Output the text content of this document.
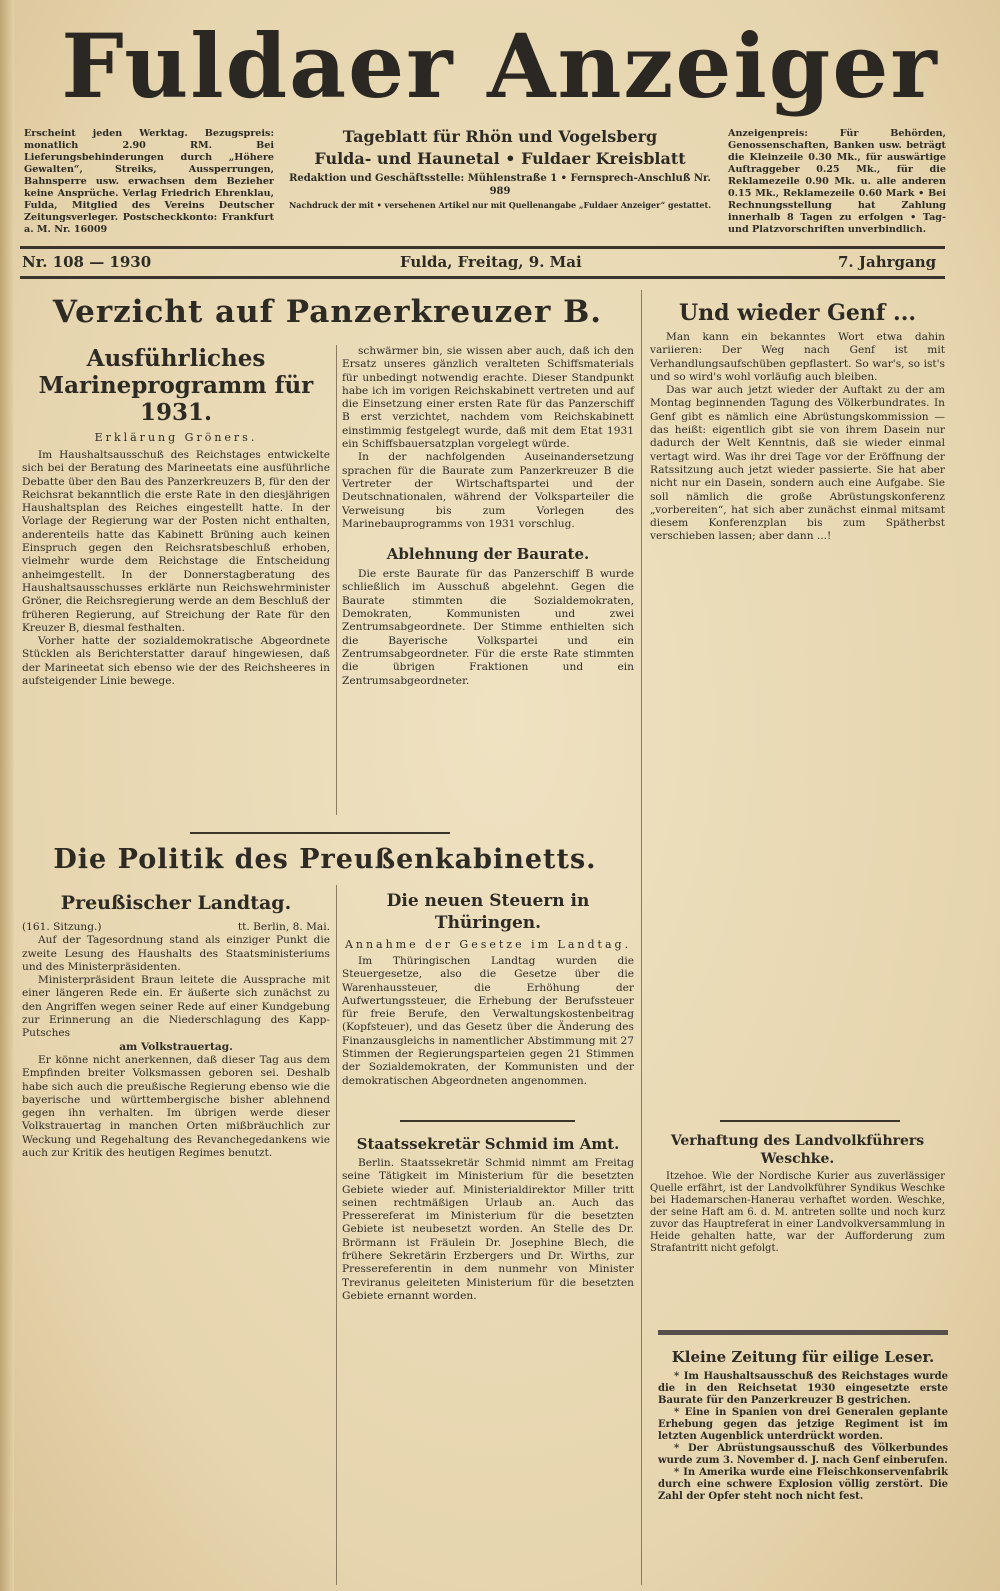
Fuldaer Anzeiger
Erscheint jeden Werktag. Bezugspreis: monatlich 2.90 RM. Bei Lieferungsbehinderungen durch „Höhere Gewalten“, Streiks, Aussperrungen, Bahnsperre usw. erwachsen dem Bezieher keine Ansprüche. Verlag Friedrich Ehrenklau, Fulda, Mitglied des Vereins Deutscher Zeitungsverleger. Postscheckkonto: Frankfurt a. M. Nr. 16009
Tageblatt für Rhön und Vogelsberg
Fulda- und Haunetal • Fuldaer Kreisblatt
Redaktion und Geschäftsstelle: Mühlenstraße 1 • Fernsprech-Anschluß Nr. 989
Nachdruck der mit • versehenen Artikel nur mit Quellenangabe „Fuldaer Anzeiger“ gestattet.
Anzeigenpreis: Für Behörden, Genossenschaften, Banken usw. beträgt die Kleinzeile 0.30 Mk., für auswärtige Auftraggeber 0.25 Mk., für die Reklamezeile 0.90 Mk. u. alle anderen 0.15 Mk., Reklamezeile 0.60 Mark • Bei Rechnungsstellung hat Zahlung innerhalb 8 Tagen zu erfolgen • Tag- und Platzvorschriften unverbindlich.
Nr. 108 — 1930	Fulda, Freitag, 9. Mai	7. Jahrgang
Verzicht auf Panzerkreuzer B.
Ausführliches Marineprogramm für 1931.
Erklärung Gröners.

Im Haushaltsausschuß des Reichstages entwickelte sich bei der Beratung des Marineetats eine ausführliche Debatte über den Bau des Panzerkreuzers B, für den der Reichsrat bekanntlich die erste Rate in den diesjährigen Haushaltsplan des Reiches eingestellt hatte. In der Vorlage der Regierung war der Posten nicht enthalten, anderenteils hatte das Kabinett Brüning auch keinen Einspruch gegen den Reichsratsbeschluß erhoben, vielmehr wurde dem Reichstage die Entscheidung anheimgestellt. In der Donnerstagberatung des Haushaltsausschusses erklärte nun Reichswehrminister Gröner, die Reichsregierung werde an dem Beschluß der früheren Regierung, auf Streichung der Rate für den Kreuzer B, diesmal festhalten.

Vorher hatte der sozialdemokratische Abgeordnete Stücklen als Berichterstatter darauf hingewiesen, daß der Marineetat sich ebenso wie der des Reichsheeres in aufsteigender Linie bewege.

schwärmer bin, sie wissen aber auch, daß ich den Ersatz unseres gänzlich veralteten Schiffsmaterials für unbedingt notwendig erachte. Dieser Standpunkt habe ich im vorigen Reichskabinett vertreten und auf die Einsetzung einer ersten Rate für das Panzerschiff B erst verzichtet, nachdem vom Reichskabinett einstimmig festgelegt wurde, daß mit dem Etat 1931 ein Schiffsbauersatzplan vorgelegt würde.

In der nachfolgenden Auseinandersetzung sprachen für die Baurate zum Panzerkreuzer B die Vertreter der Wirtschaftspartei und der Deutschnationalen, während der Volksparteiler die Verweisung bis zum Vorlegen des Marinebauprogramms von 1931 vorschlug.

Ablehnung der Baurate.

Die erste Baurate für das Panzerschiff B wurde schließlich im Ausschuß abgelehnt. Gegen die Baurate stimmten die Sozialdemokraten, Demokraten, Kommunisten und zwei Zentrumsabgeordnete. Der Stimme enthielten sich die Bayerische Volkspartei und ein Zentrumsabgeordneter. Für die erste Rate stimmten die übrigen Fraktionen und ein Zentrumsabgeordneter.

Die Politik des Preußenkabinetts.
Preußischer Landtag.
(161. Sitzung.)	tt. Berlin, 8. Mai.

Auf der Tagesordnung stand als einziger Punkt die zweite Lesung des Haushalts des Staatsministeriums und des Ministerpräsidenten.

Ministerpräsident Braun leitete die Aussprache mit einer längeren Rede ein. Er äußerte sich zunächst zu den Angriffen wegen seiner Rede auf einer Kundgebung zur Erinnerung an die Niederschlagung des Kapp-Putsches

am Volkstrauertag.

Er könne nicht anerkennen, daß dieser Tag aus dem Empfinden breiter Volksmassen geboren sei. Deshalb habe sich auch die preußische Regierung ebenso wie die bayerische und württembergische bisher ablehnend gegen ihn verhalten. Im übrigen werde dieser Volkstrauertag in manchen Orten mißbräuchlich zur Weckung und Regehaltung des Revanchegedankens wie auch zur Kritik des heutigen Regimes benutzt.

Die neuen Steuern in Thüringen.
Annahme der Gesetze im Landtag.

Im Thüringischen Landtag wurden die Steuergesetze, also die Gesetze über die Warenhaussteuer, die Erhöhung der Aufwertungssteuer, die Erhebung der Berufssteuer für freie Berufe, den Verwaltungskostenbeitrag (Kopfsteuer), und das Gesetz über die Änderung des Finanzausgleichs in namentlicher Abstimmung mit 27 Stimmen der Regierungsparteien gegen 21 Stimmen der Sozialdemokraten, der Kommunisten und der demokratischen Abgeordneten angenommen.

Staatssekretär Schmid im Amt.

Berlin. Staatssekretär Schmid nimmt am Freitag seine Tätigkeit im Ministerium für die besetzten Gebiete wieder auf. Ministerialdirektor Miller tritt seinen rechtmäßigen Urlaub an. Auch das Pressereferat im Ministerium für die besetzten Gebiete ist neubesetzt worden. An Stelle des Dr. Brörmann ist Fräulein Dr. Josephine Blech, die frühere Sekretärin Erzbergers und Dr. Wirths, zur Pressereferentin in dem nunmehr von Minister Treviranus geleiteten Ministerium für die besetzten Gebiete ernannt worden.

Und wieder Genf ...

Man kann ein bekanntes Wort etwa dahin variieren: Der Weg nach Genf ist mit Verhandlungsaufschüben gepflastert. So war's, so ist's und so wird's wohl vorläufig auch bleiben.

Das war auch jetzt wieder der Auftakt zu der am Montag beginnenden Tagung des Völkerbundrates. In Genf gibt es nämlich eine Abrüstungskommission — das heißt: eigentlich gibt sie von ihrem Dasein nur dadurch der Welt Kenntnis, daß sie wieder einmal vertagt wird. Was ihr drei Tage vor der Eröffnung der Ratssitzung auch jetzt wieder passierte. Sie hat aber nicht nur ein Dasein, sondern auch eine Aufgabe. Sie soll nämlich die große Abrüstungskonferenz „vorbereiten“, hat sich aber zunächst einmal mitsamt diesem Konferenzplan bis zum Spätherbst verschieben lassen; aber dann ...!

Verhaftung des Landvolkführers Weschke.

Itzehoe. Wie der Nordische Kurier aus zuverlässiger Quelle erfährt, ist der Landvolkführer Syndikus Weschke bei Hademarschen-Hanerau verhaftet worden. Weschke, der seine Haft am 6. d. M. antreten sollte und noch kurz zuvor das Hauptreferat in einer Landvolkversammlung in Heide gehalten hatte, war der Aufforderung zum Strafantritt nicht gefolgt.

Kleine Zeitung für eilige Leser.

* Im Haushaltsausschuß des Reichstages wurde die in den Reichsetat 1930 eingesetzte erste Baurate für den Panzerkreuzer B gestrichen.

* Eine in Spanien von drei Generalen geplante Erhebung gegen das jetzige Regiment ist im letzten Augenblick unterdrückt worden.

* Der Abrüstungsausschuß des Völkerbundes wurde zum 3. November d. J. nach Genf einberufen.

* In Amerika wurde eine Fleischkonservenfabrik durch eine schwere Explosion völlig zerstört. Die Zahl der Opfer steht noch nicht fest.
